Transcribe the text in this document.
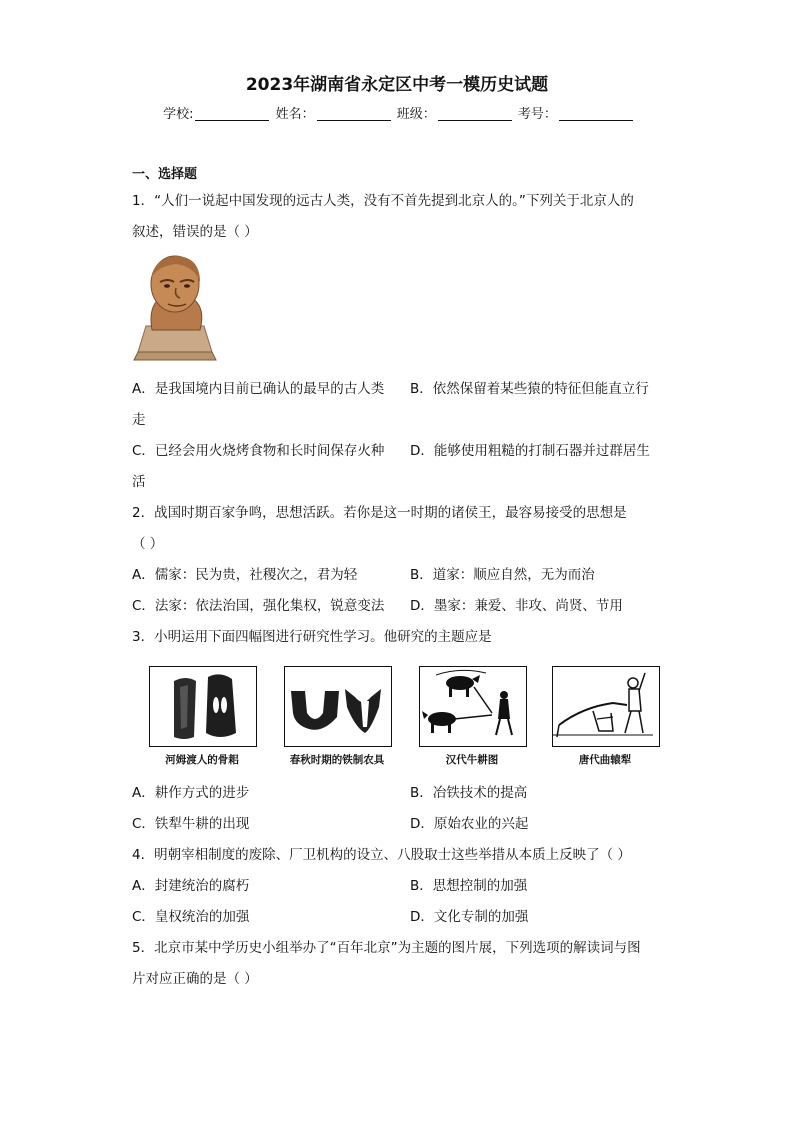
2023年湖南省永定区中考一模历史试题
学校:	姓名：	班级：	考号：
一、选择题
1．“人们一说起中国发现的远古人类，没有不首先提到北京人的。”下列关于北京人的
叙述，错误的是（ ）
A．是我国境内目前已确认的最早的古人类 B．依然保留着某些猿的特征但能直立行
走
C．已经会用火烧烤食物和长时间保存火种 D．能够使用粗糙的打制石器并过群居生
活
2．战国时期百家争鸣，思想活跃。若你是这一时期的诸侯王，最容易接受的思想是
（ ）
A．儒家：民为贵，社稷次之，君为轻	B．道家：顺应自然，无为而治
C．法家：依法治国，强化集权，锐意变法 D．墨家：兼爱、非攻、尚贤、节用
3．小明运用下面四幅图进行研究性学习。他研究的主题应是
河姆渡人的骨耜	春秋时期的铁制农具	汉代牛耕图	唐代曲辕犁
A．耕作方式的进步	B．冶铁技术的提高
C．铁犁牛耕的出现	D．原始农业的兴起
4．明朝宰相制度的废除、厂卫机构的设立、八股取士这些举措从本质上反映了（ ）
A．封建统治的腐朽	B．思想控制的加强
C．皇权统治的加强	D．文化专制的加强
5．北京市某中学历史小组举办了“百年北京”为主题的图片展，下列选项的解读词与图
片对应正确的是（ ）
